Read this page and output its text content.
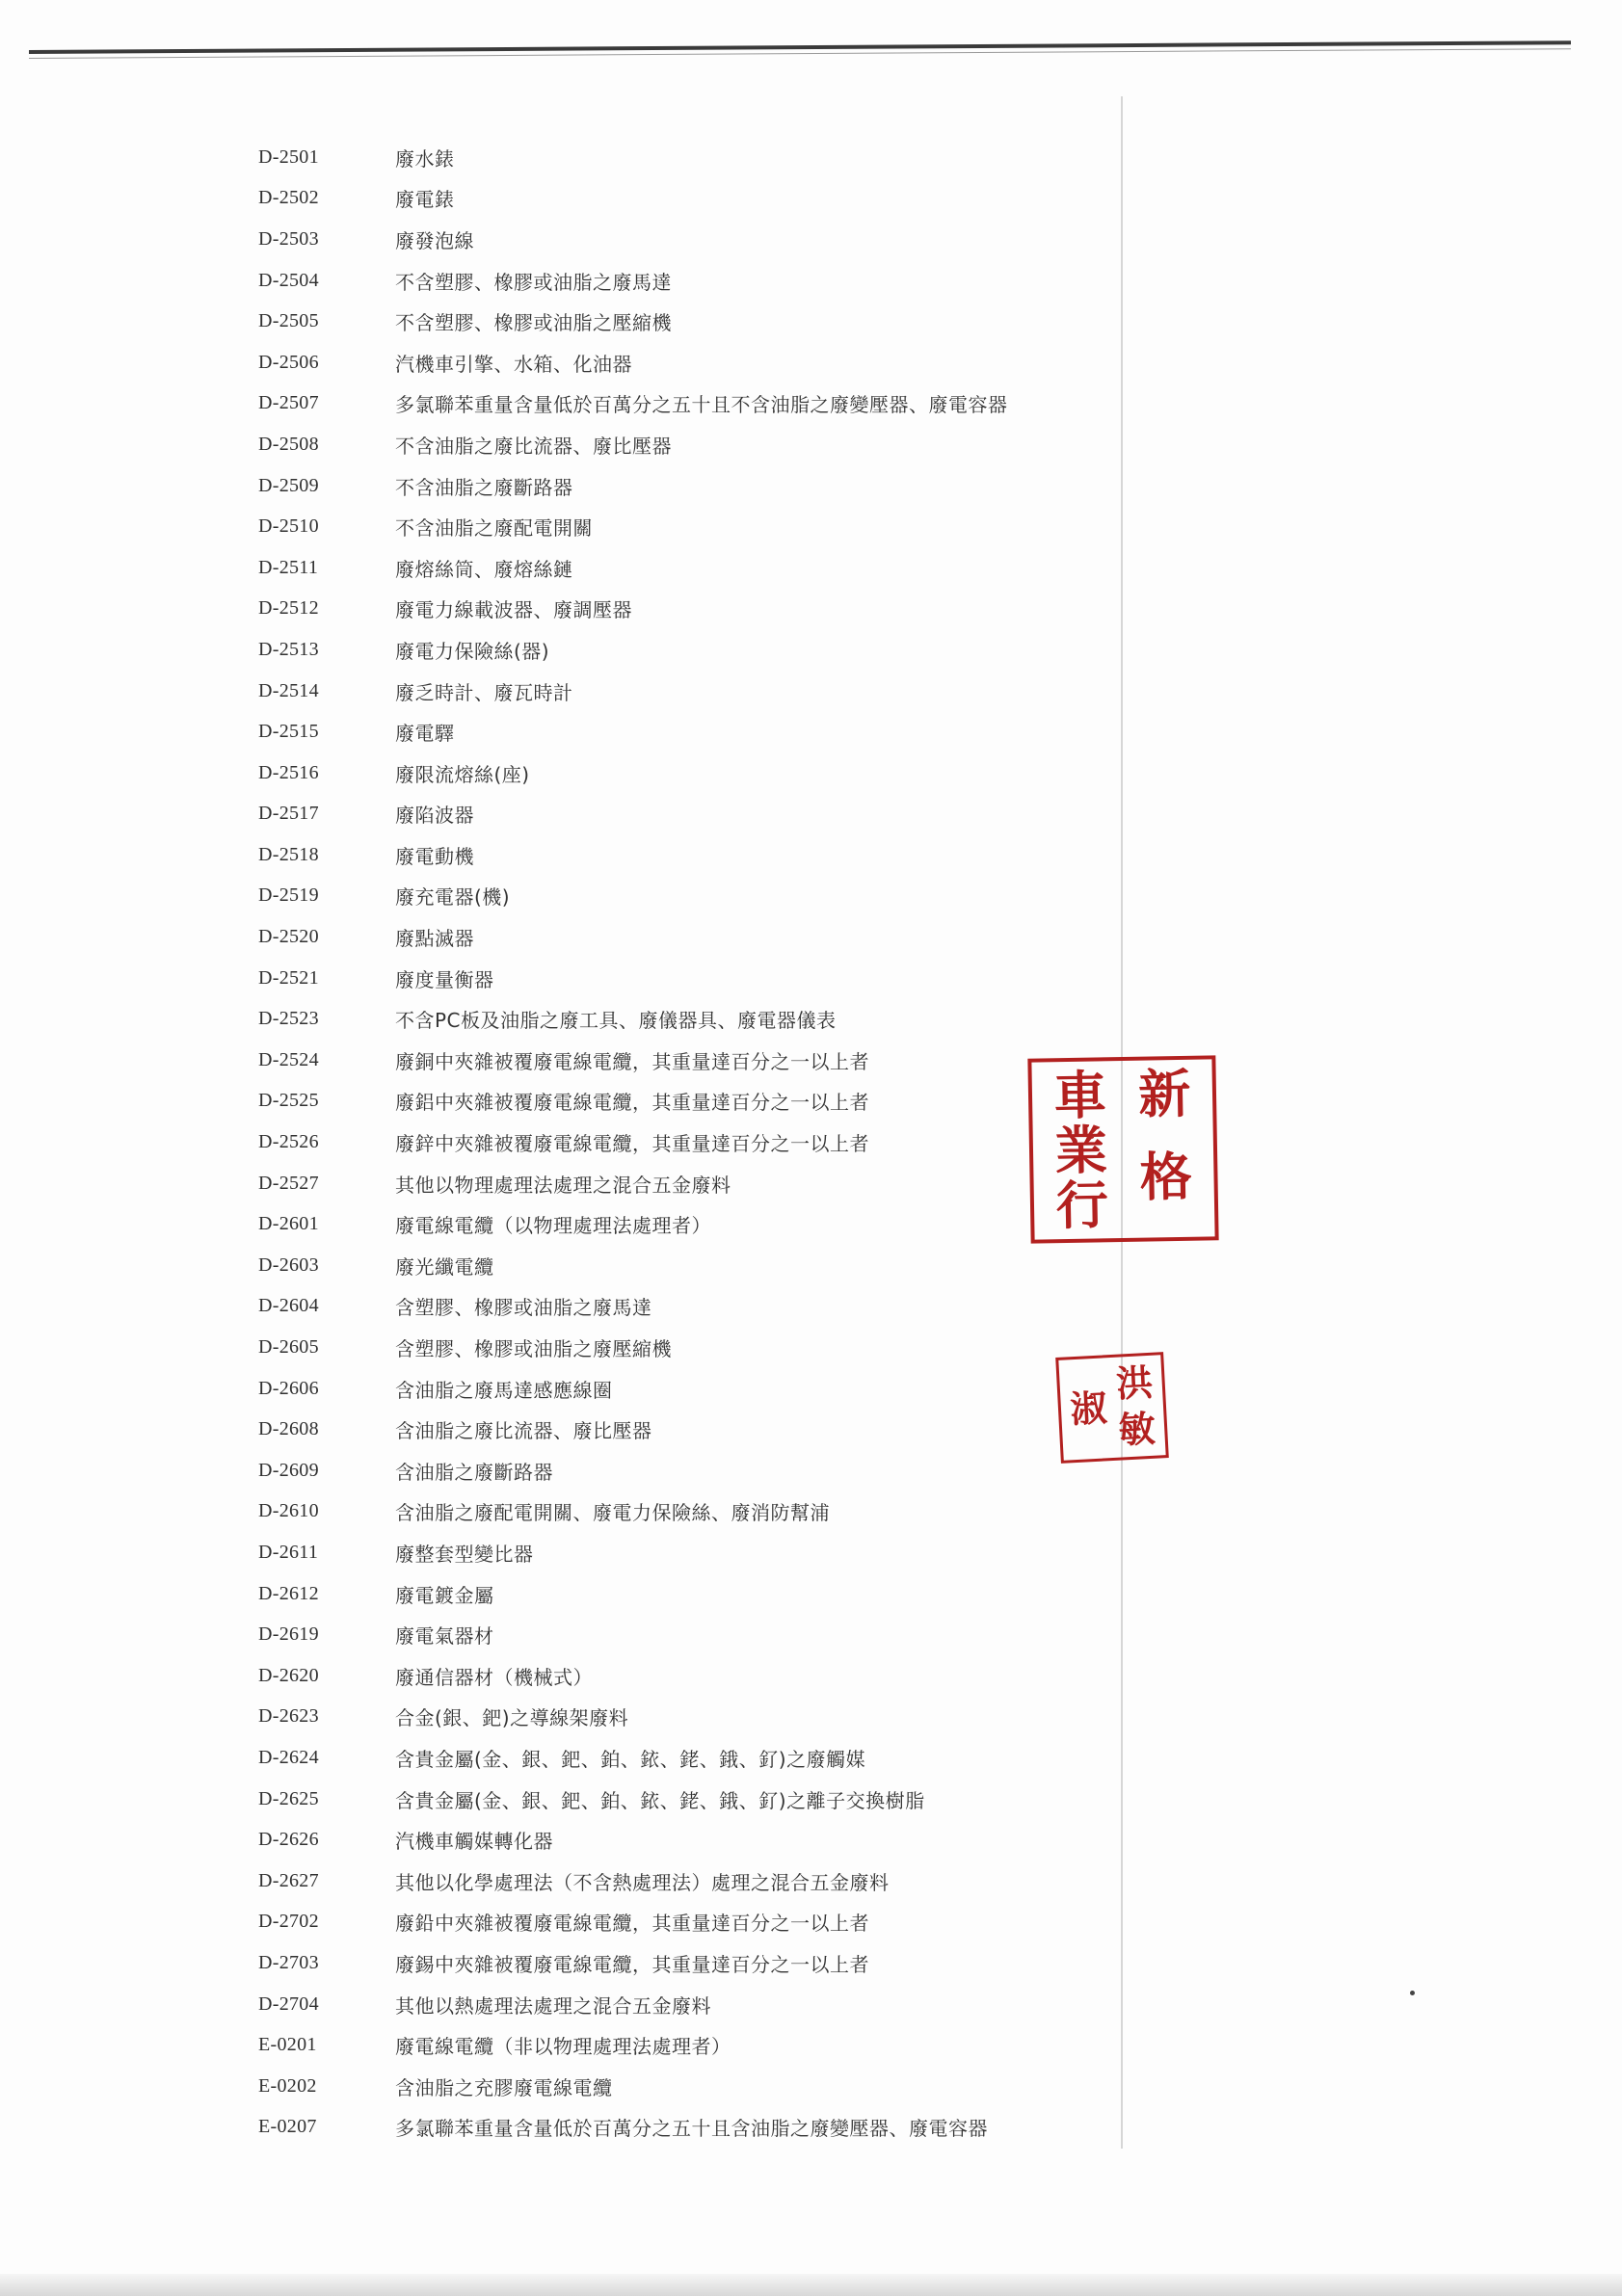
D-2501	廢水錶
D-2502	廢電錶
D-2503	廢發泡線
D-2504	不含塑膠、橡膠或油脂之廢馬達
D-2505	不含塑膠、橡膠或油脂之壓縮機
D-2506	汽機車引擎、水箱、化油器
D-2507	多氯聯苯重量含量低於百萬分之五十且不含油脂之廢變壓器、廢電容器
D-2508	不含油脂之廢比流器、廢比壓器
D-2509	不含油脂之廢斷路器
D-2510	不含油脂之廢配電開關
D-2511	廢熔絲筒、廢熔絲鏈
D-2512	廢電力線載波器、廢調壓器
D-2513	廢電力保險絲(器)
D-2514	廢乏時計、廢瓦時計
D-2515	廢電驛
D-2516	廢限流熔絲(座)
D-2517	廢陷波器
D-2518	廢電動機
D-2519	廢充電器(機)
D-2520	廢點滅器
D-2521	廢度量衡器
D-2523	不含PC板及油脂之廢工具、廢儀器具、廢電器儀表
D-2524	廢銅中夾雜被覆廢電線電纜，其重量達百分之一以上者
D-2525	廢鋁中夾雜被覆廢電線電纜，其重量達百分之一以上者
D-2526	廢鋅中夾雜被覆廢電線電纜，其重量達百分之一以上者
D-2527	其他以物理處理法處理之混合五金廢料
D-2601	廢電線電纜（以物理處理法處理者）
D-2603	廢光纖電纜
D-2604	含塑膠、橡膠或油脂之廢馬達
D-2605	含塑膠、橡膠或油脂之廢壓縮機
D-2606	含油脂之廢馬達感應線圈
D-2608	含油脂之廢比流器、廢比壓器
D-2609	含油脂之廢斷路器
D-2610	含油脂之廢配電開關、廢電力保險絲、廢消防幫浦
D-2611	廢整套型變比器
D-2612	廢電鍍金屬
D-2619	廢電氣器材
D-2620	廢通信器材（機械式）
D-2623	合金(銀、鈀)之導線架廢料
D-2624	含貴金屬(金、銀、鈀、鉑、銥、銠、鋨、釕)之廢觸媒
D-2625	含貴金屬(金、銀、鈀、鉑、銥、銠、鋨、釕)之離子交換樹脂
D-2626	汽機車觸媒轉化器
D-2627	其他以化學處理法（不含熱處理法）處理之混合五金廢料
D-2702	廢鉛中夾雜被覆廢電線電纜，其重量達百分之一以上者
D-2703	廢錫中夾雜被覆廢電線電纜，其重量達百分之一以上者
D-2704	其他以熱處理法處理之混合五金廢料
E-0201	廢電線電纜（非以物理處理法處理者）
E-0202	含油脂之充膠廢電線電纜
E-0207	多氯聯苯重量含量低於百萬分之五十且含油脂之廢變壓器、廢電容器
車
業
行
新
格
洪
淑 敏
